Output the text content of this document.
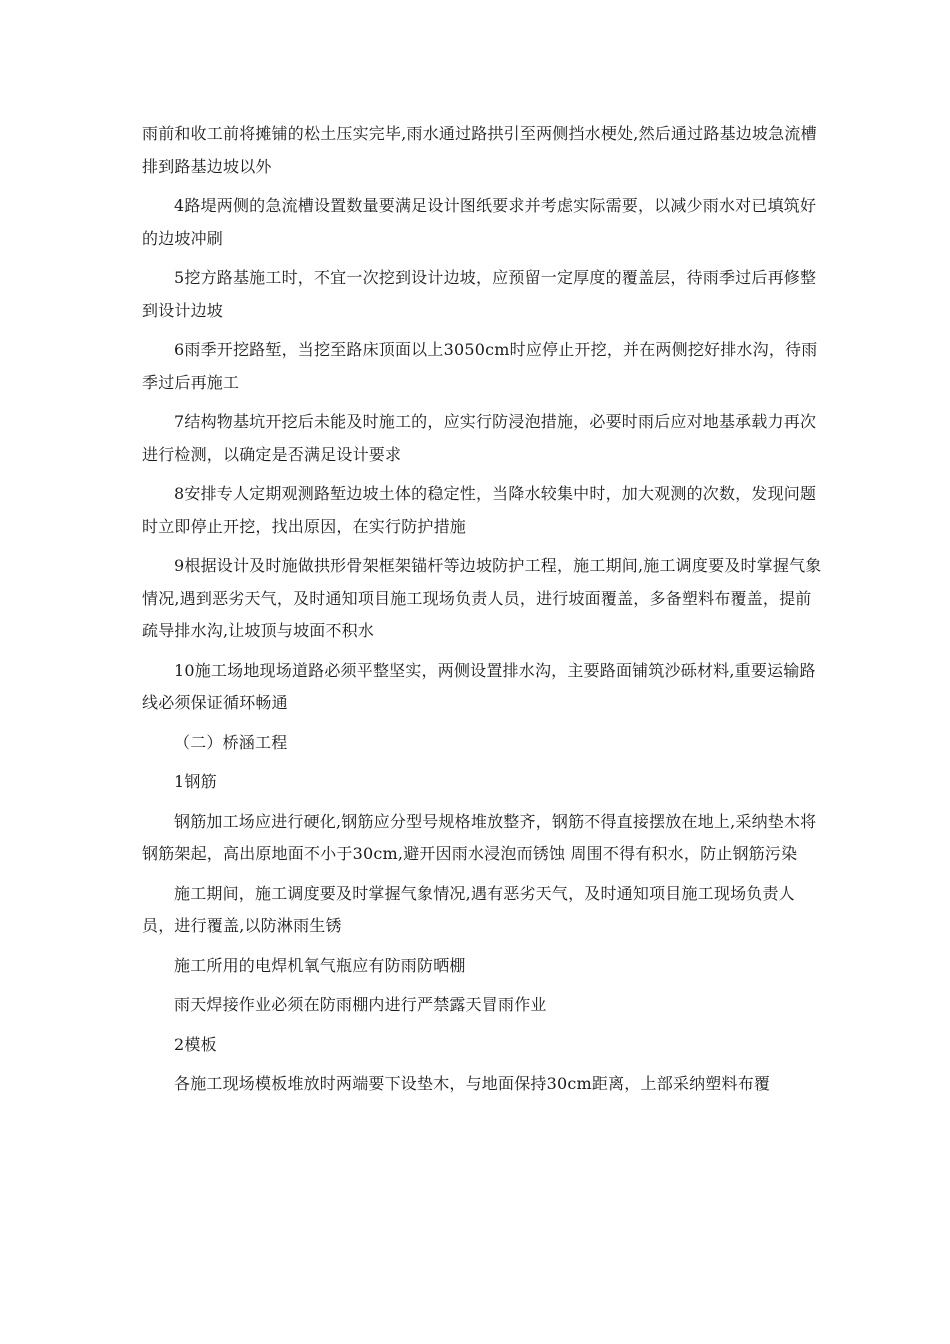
雨前和收工前将摊铺的松土压实完毕,雨水通过路拱引至两侧挡水梗处,然后通过路基边坡急流槽排到路基边坡以外

4路堤两侧的急流槽设置数量要满足设计图纸要求并考虑实际需要，以减少雨水对已填筑好的边坡冲刷

5挖方路基施工时，不宜一次挖到设计边坡，应预留一定厚度的覆盖层，待雨季过后再修整到设计边坡

6雨季开挖路堑，当挖至路床顶面以上3050cm时应停止开挖，并在两侧挖好排水沟，待雨季过后再施工

7结构物基坑开挖后未能及时施工的，应实行防浸泡措施，必要时雨后应对地基承载力再次进行检测，以确定是否满足设计要求

8安排专人定期观测路堑边坡土体的稳定性，当降水较集中时，加大观测的次数，发现问题时立即停止开挖，找出原因，在实行防护措施

9根据设计及时施做拱形骨架框架锚杆等边坡防护工程，施工期间,施工调度要及时掌握气象情况,遇到恶劣天气，及时通知项目施工现场负责人员，进行坡面覆盖，多备塑料布覆盖，提前疏导排水沟,让坡顶与坡面不积水

10施工场地现场道路必须平整坚实，两侧设置排水沟，主要路面铺筑沙砾材料,重要运输路线必须保证循环畅通

（二）桥涵工程

1钢筋

钢筋加工场应进行硬化,钢筋应分型号规格堆放整齐，钢筋不得直接摆放在地上,采纳垫木将钢筋架起，高出原地面不小于30cm,避开因雨水浸泡而锈蚀 周围不得有积水，防止钢筋污染

施工期间，施工调度要及时掌握气象情况,遇有恶劣天气，及时通知项目施工现场负责人员，进行覆盖,以防淋雨生锈

施工所用的电焊机氧气瓶应有防雨防晒棚

雨天焊接作业必须在防雨棚内进行严禁露天冒雨作业

2模板

各施工现场模板堆放时两端要下设垫木，与地面保持30cm距离，上部采纳塑料布覆
